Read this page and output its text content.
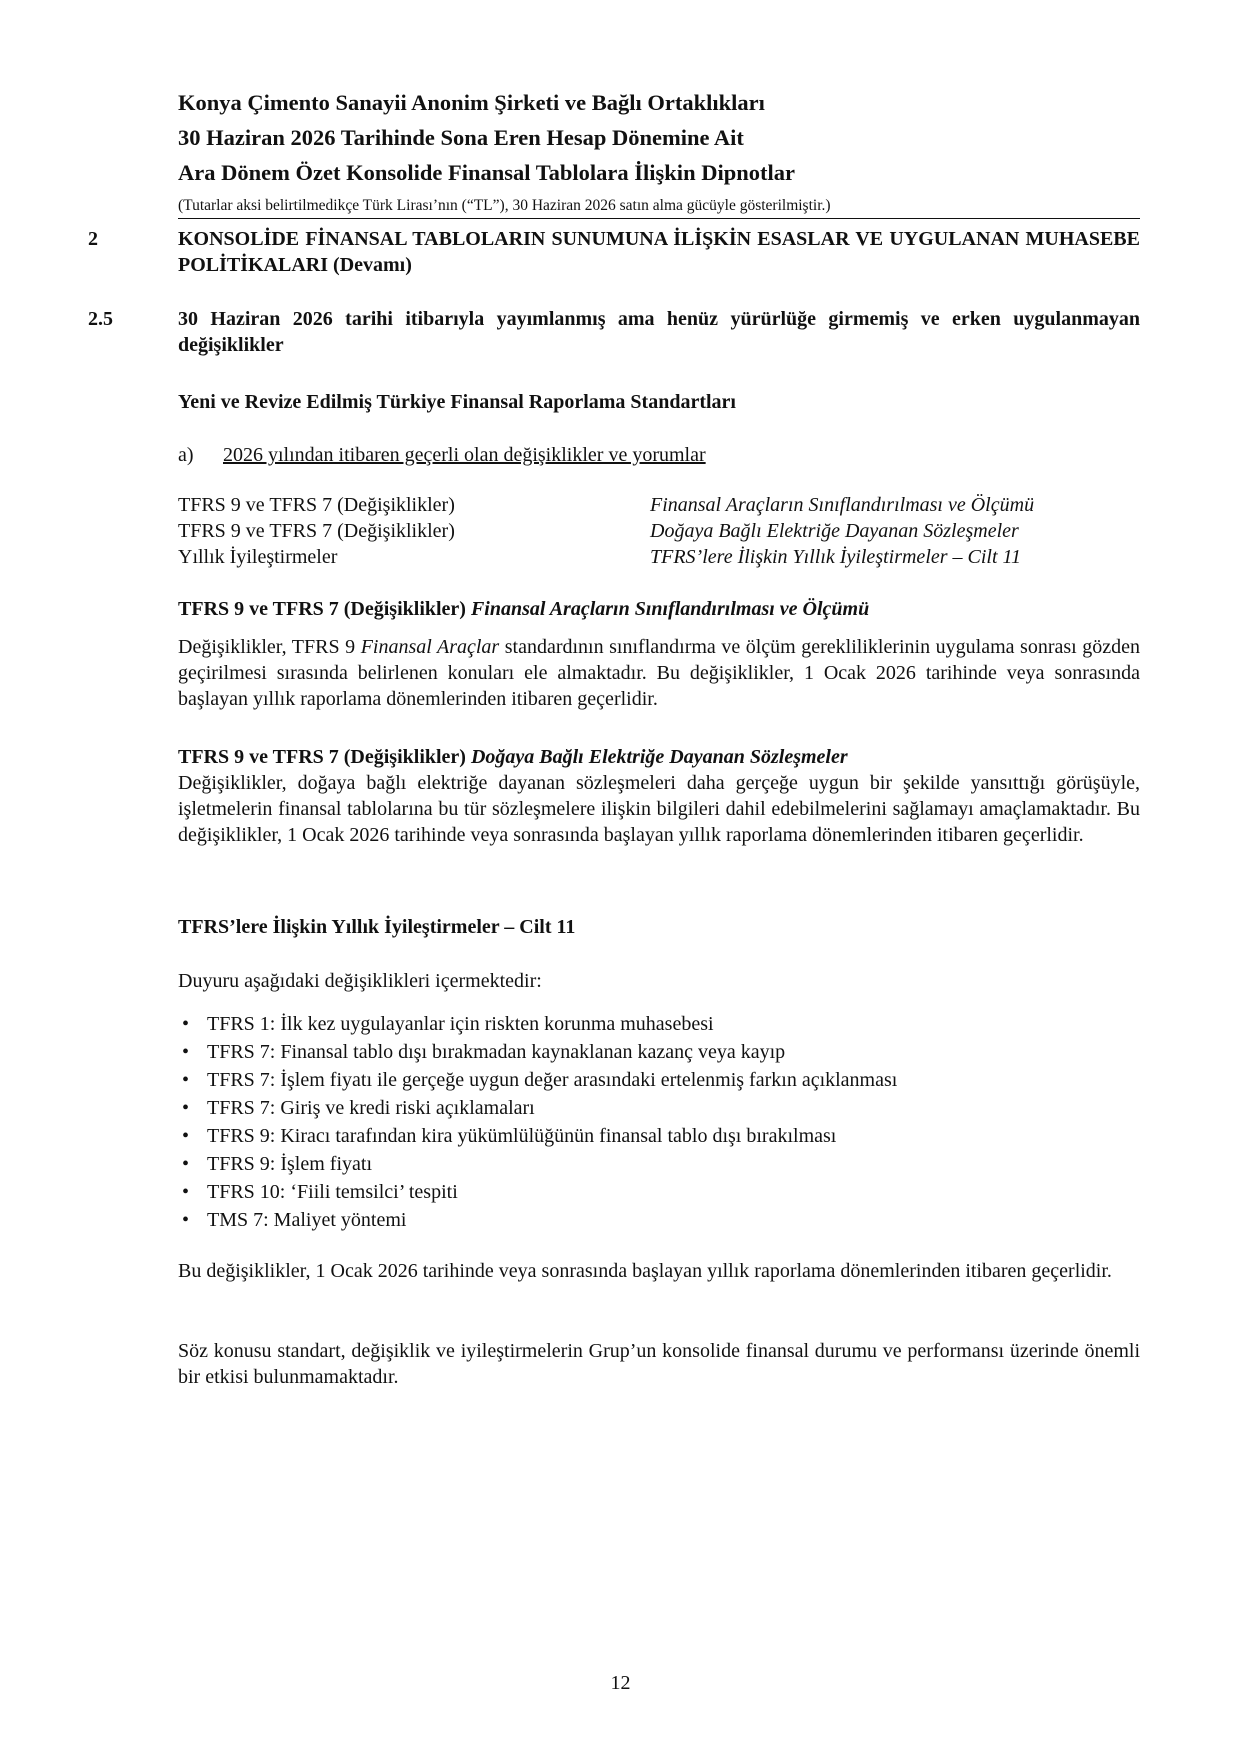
Konya Çimento Sanayii Anonim Şirketi ve Bağlı Ortaklıkları
30 Haziran 2026 Tarihinde Sona Eren Hesap Dönemine Ait
Ara Dönem Özet Konsolide Finansal Tablolara İlişkin Dipnotlar
(Tutarlar aksi belirtilmedikçe Türk Lirası’nın (“TL”), 30 Haziran 2026 satın alma gücüyle gösterilmiştir.)
2	KONSOLİDE FİNANSAL TABLOLARIN SUNUMUNA İLİŞKİN ESASLAR VE UYGULANAN MUHASEBE POLİTİKALARI (Devamı)
2.5	30 Haziran 2026 tarihi itibarıyla yayımlanmış ama henüz yürürlüğe girmemiş ve erken uygulanmayan değişiklikler
Yeni ve Revize Edilmiş Türkiye Finansal Raporlama Standartları
a) 2026 yılından itibaren geçerli olan değişiklikler ve yorumlar
TFRS 9 ve TFRS 7 (Değişiklikler)	Finansal Araçların Sınıflandırılması ve Ölçümü
TFRS 9 ve TFRS 7 (Değişiklikler)	Doğaya Bağlı Elektriğe Dayanan Sözleşmeler
Yıllık İyileştirmeler	TFRS’lere İlişkin Yıllık İyileştirmeler – Cilt 11
TFRS 9 ve TFRS 7 (Değişiklikler) Finansal Araçların Sınıflandırılması ve Ölçümü
Değişiklikler, TFRS 9 Finansal Araçlar standardının sınıflandırma ve ölçüm gerekliliklerinin uygulama sonrası gözden geçirilmesi sırasında belirlenen konuları ele almaktadır. Bu değişiklikler, 1 Ocak 2026 tarihinde veya sonrasında başlayan yıllık raporlama dönemlerinden itibaren geçerlidir.
TFRS 9 ve TFRS 7 (Değişiklikler) Doğaya Bağlı Elektriğe Dayanan Sözleşmeler
Değişiklikler, doğaya bağlı elektriğe dayanan sözleşmeleri daha gerçeğe uygun bir şekilde yansıttığı görüşüyle, işletmelerin finansal tablolarına bu tür sözleşmelere ilişkin bilgileri dahil edebilmelerini sağlamayı amaçlamaktadır. Bu değişiklikler, 1 Ocak 2026 tarihinde veya sonrasında başlayan yıllık raporlama dönemlerinden itibaren geçerlidir.
TFRS’lere İlişkin Yıllık İyileştirmeler – Cilt 11
Duyuru aşağıdaki değişiklikleri içermektedir:
• TFRS 1: İlk kez uygulayanlar için riskten korunma muhasebesi
• TFRS 7: Finansal tablo dışı bırakmadan kaynaklanan kazanç veya kayıp
• TFRS 7: İşlem fiyatı ile gerçeğe uygun değer arasındaki ertelenmiş farkın açıklanması
• TFRS 7: Giriş ve kredi riski açıklamaları
• TFRS 9: Kiracı tarafından kira yükümlülüğünün finansal tablo dışı bırakılması
• TFRS 9: İşlem fiyatı
• TFRS 10: ‘Fiili temsilci’ tespiti
• TMS 7: Maliyet yöntemi
Bu değişiklikler, 1 Ocak 2026 tarihinde veya sonrasında başlayan yıllık raporlama dönemlerinden itibaren geçerlidir.
Söz konusu standart, değişiklik ve iyileştirmelerin Grup’un konsolide finansal durumu ve performansı üzerinde önemli bir etkisi bulunmamaktadır.
12
